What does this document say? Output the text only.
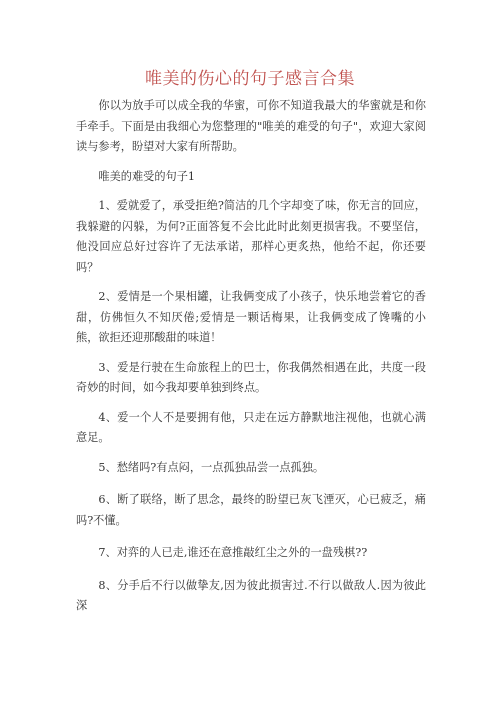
唯美的伤心的句子感言合集

你以为放手可以成全我的华蜜，可你不知道我最大的华蜜就是和你手牵手。下面是由我细心为您整理的"唯美的难受的句子"，欢迎大家阅读与参考，盼望对大家有所帮助。

唯美的难受的句子1

1、爱就爱了，承受拒绝?简洁的几个字却变了味，你无言的回应，我躲避的闪躲，为何?正面答复不会比此时此刻更损害我。不要坚信，他没回应总好过容许了无法承诺，那样心更炙热，他给不起，你还要吗？

2、爱情是一个果相罐，让我俩变成了小孩子，快乐地尝着它的香甜，仿佛恒久不知厌倦;爱情是一颗话梅果，让我俩变成了馋嘴的小熊，欲拒还迎那酸甜的味道！

3、爱是行驶在生命旅程上的巴士，你我偶然相遇在此，共度一段奇妙的时间，如今我却要单独到终点。

4、爱一个人不是要拥有他，只走在远方静默地注视他，也就心满意足。

5、愁绪吗?有点闷，一点孤独品尝一点孤独。

6、断了联络，断了思念，最终的盼望已灰飞湮灭，心已疲乏，痛吗?不懂。

7、对弈的人已走,谁还在意推敲红尘之外的一盘残棋??

8、分手后不行以做挚友,因为彼此损害过.不行以做敌人.因为彼此深
